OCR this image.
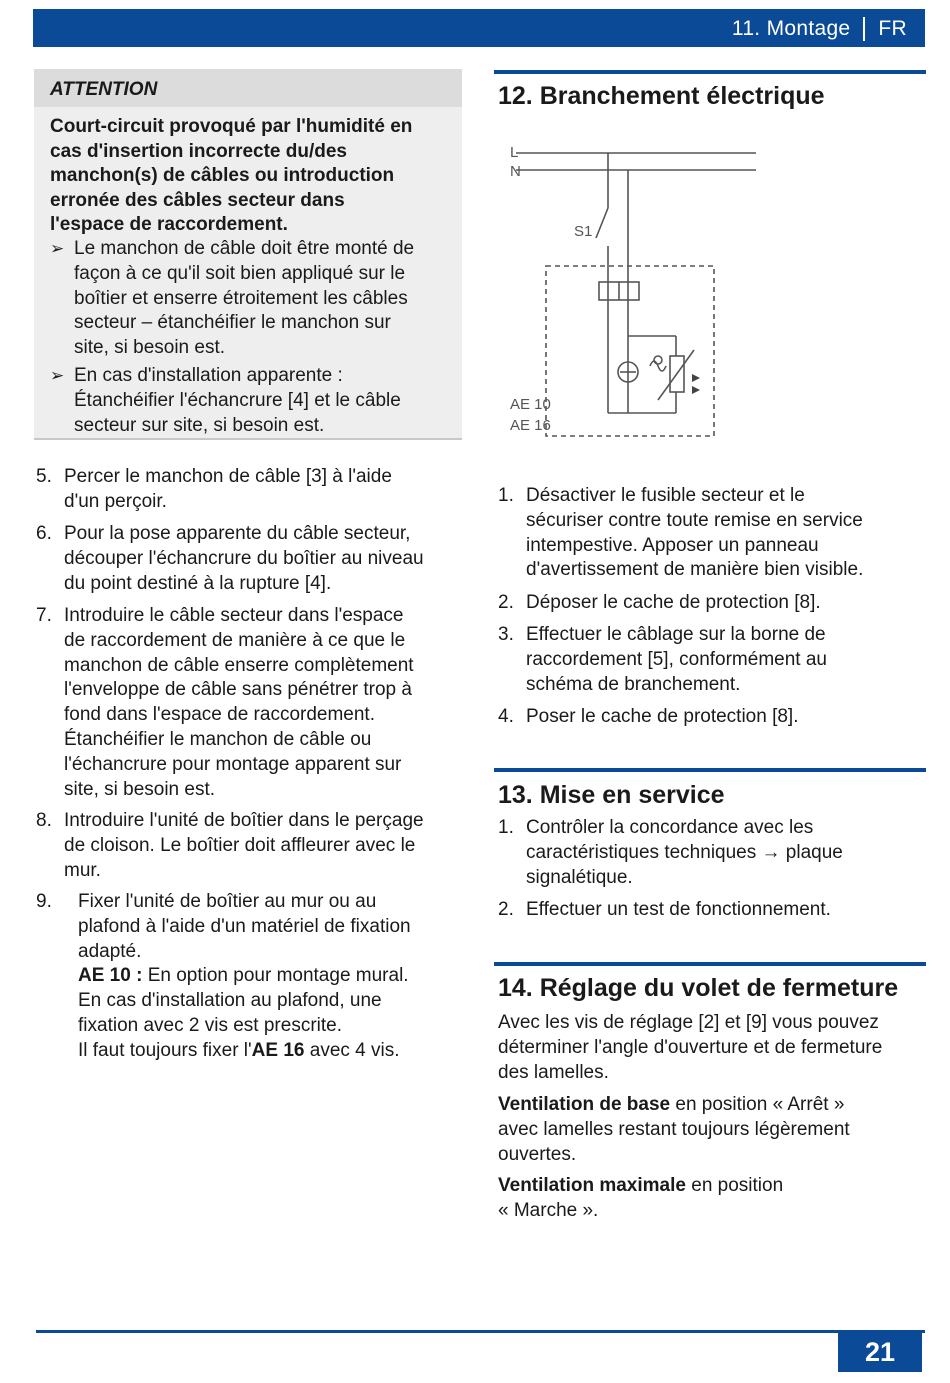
11. Montage FR
ATTENTION
Court-circuit provoqué par l'humidité en
cas d'insertion incorrecte du/des
manchon(s) de câbles ou introduction
erronée des câbles secteur dans
l'espace de raccordement.
➢ Le manchon de câble doit être monté de
façon à ce qu'il soit bien appliqué sur le
boîtier et enserre étroitement les câbles
secteur – étanchéifier le manchon sur
site, si besoin est.
➢ En cas d'installation apparente :
Étanchéifier l'échancrure [4] et le câble
secteur sur site, si besoin est.
5. Percer le manchon de câble [3] à l'aide
d'un perçoir.
6. Pour la pose apparente du câble secteur,
découper l'échancrure du boîtier au niveau
du point destiné à la rupture [4].
7. Introduire le câble secteur dans l'espace
de raccordement de manière à ce que le
manchon de câble enserre complètement
l'enveloppe de câble sans pénétrer trop à
fond dans l'espace de raccordement.
Étanchéifier le manchon de câble ou
l'échancrure pour montage apparent sur
site, si besoin est.
8. Introduire l'unité de boîtier dans le perçage
de cloison. Le boîtier doit affleurer avec le
mur.
9. Fixer l'unité de boîtier au mur ou au
plafond à l'aide d'un matériel de fixation
adapté.
AE 10 : En option pour montage mural.
En cas d'installation au plafond, une
fixation avec 2 vis est prescrite.
Il faut toujours fixer l'AE 16 avec 4 vis.
12. Branchement électrique
L
N
S1
AE 10
AE 16
1. Désactiver le fusible secteur et le
sécuriser contre toute remise en service
intempestive. Apposer un panneau
d'avertissement de manière bien visible.
2. Déposer le cache de protection [8].
3. Effectuer le câblage sur la borne de
raccordement [5], conformément au
schéma de branchement.
4. Poser le cache de protection [8].
13. Mise en service
1. Contrôler la concordance avec les
caractéristiques techniques → plaque
signalétique.
2. Effectuer un test de fonctionnement.
14. Réglage du volet de fermeture
Avec les vis de réglage [2] et [9] vous pouvez
déterminer l'angle d'ouverture et de fermeture
des lamelles.
Ventilation de base en position « Arrêt »
avec lamelles restant toujours légèrement
ouvertes.
Ventilation maximale en position
« Marche ».
21
